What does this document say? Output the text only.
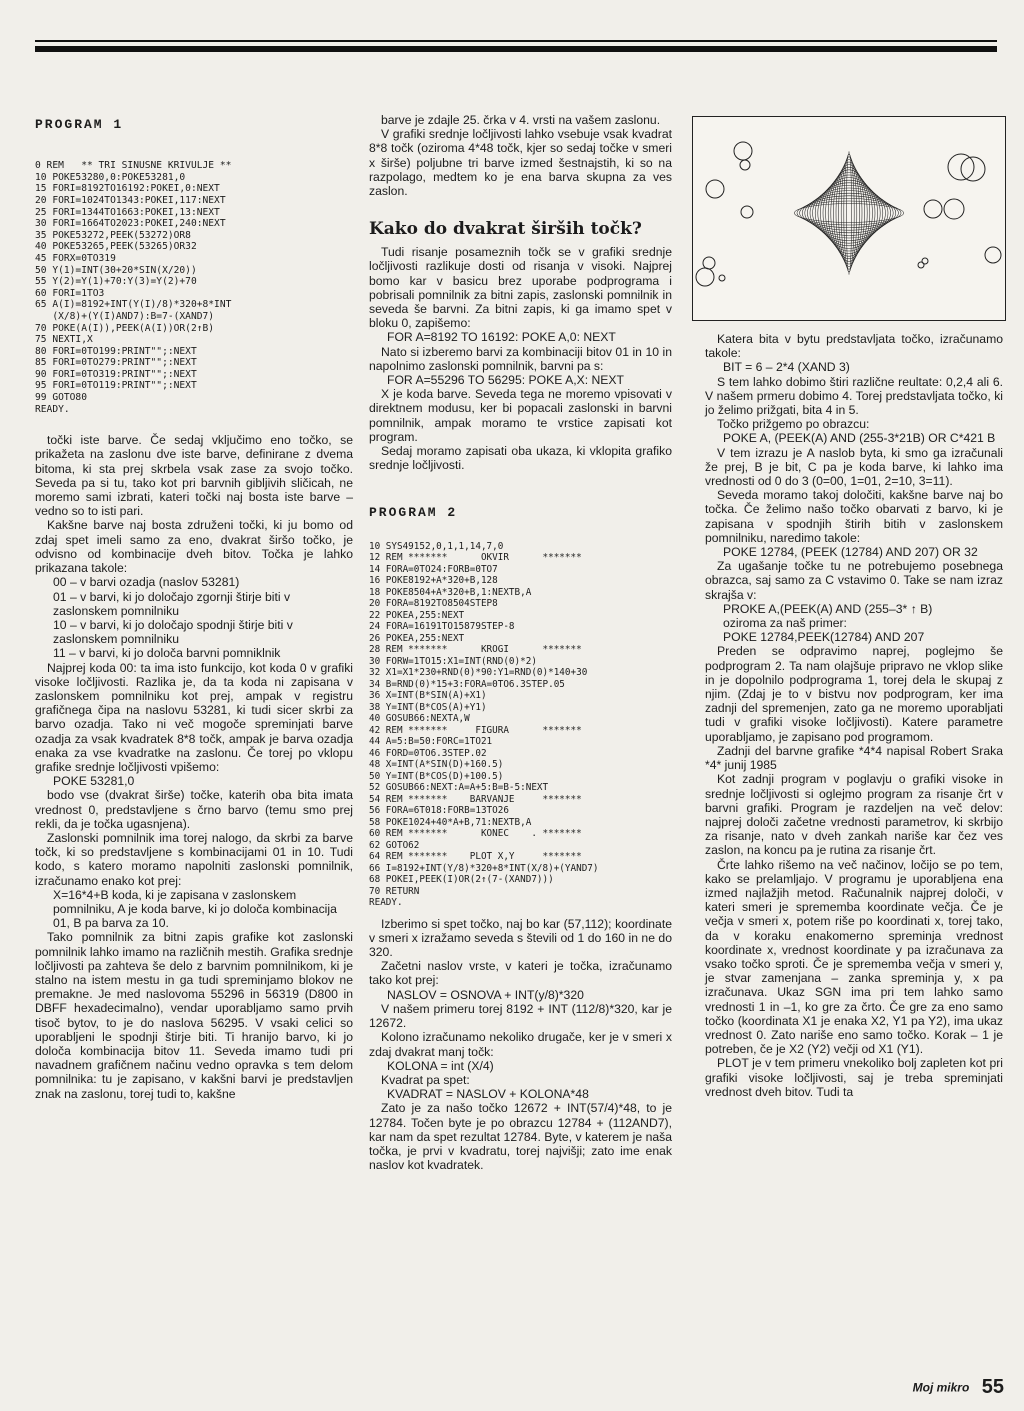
PROGRAM 1
0 REM   ** TRI SINUSNE KRIVULJE **
10 POKE53280,0:POKE53281,0
15 FORI=8192TO16192:POKEI,0:NEXT
20 FORI=1024TO1343:POKEI,117:NEXT
25 FORI=1344TO1663:POKEI,13:NEXT
30 FORI=1664TO2023:POKEI,240:NEXT
35 POKE53272,PEEK(53272)OR8
40 POKE53265,PEEK(53265)OR32
45 FORX=0TO319
50 Y(1)=INT(30+20*SIN(X/20))
55 Y(2)=Y(1)+70:Y(3)=Y(2)+70
60 FORI=1TO3
65 A(I)=8192+INT(Y(I)/8)*320+8*INT
(X/8)+(Y(I)AND7):B=7-(XAND7)
70 POKE(A(I)),PEEK(A(I))OR(2↑B)
75 NEXTI,X
80 FORI=0TO199:PRINT"";:NEXT
85 FORI=0TO279:PRINT"";:NEXT
90 FORI=0TO319:PRINT"";:NEXT
95 FORI=0TO119:PRINT"";:NEXT
99 GOTO80
READY.

točki iste barve. Če sedaj vključimo eno točko, se prikažeta na zaslonu dve iste barve, definirane z dvema bitoma, ki sta prej skrbela vsak zase za svojo točko. Seveda pa si tu, tako kot pri barvnih gibljivih sličicah, ne moremo sami izbrati, kateri točki naj bosta iste barve – vedno so to isti pari.

Kakšne barve naj bosta združeni točki, ki ju bomo od zdaj spet imeli samo za eno, dvakrat širšo točko, je odvisno od kombinacije dveh bitov. Točka je lahko prikazana takole:

00 – v barvi ozadja (naslov 53281)

01 – v barvi, ki jo določajo zgornji štirje biti v zaslonskem pomnilniku

10 – v barvi, ki jo določajo spodnji štirje biti v zaslonskem pomnilniku

11 – v barvi, ki jo določa barvni pomniklnik

Najprej koda 00: ta ima isto funkcijo, kot koda 0 v grafiki visoke ločljivosti. Razlika je, da ta koda ni zapisana v zaslonskem pomnilniku kot prej, ampak v registru grafičnega čipa na naslovu 53281, ki tudi sicer skrbi za barvo ozadja. Tako ni več mogoče spreminjati barve ozadja za vsak kvadratek 8*8 točk, ampak je barva ozadja enaka za vse kvadratke na zaslonu. Če torej po vklopu grafike srednje ločljivosti vpišemo:

POKE 53281,0

bodo vse (dvakrat širše) točke, katerih oba bita imata vrednost 0, predstavljene s črno barvo (temu smo prej rekli, da je točka ugasnjena).

Zaslonski pomnilnik ima torej nalogo, da skrbi za barve točk, ki so predstavljene s kombinacijami 01 in 10. Tudi kodo, s katero moramo napolniti zaslonski pomnilnik, izračunamo enako kot prej:

X=16*4+B koda, ki je zapisana v zaslonskem pomnilniku, A je koda barve, ki jo določa kombinacija 01, B pa barva za 10.

Tako pomnilnik za bitni zapis grafike kot zaslonski pomnilnik lahko imamo na različnih mestih. Grafika srednje ločljivosti pa zahteva še delo z barvnim pomnilnikom, ki je stalno na istem mestu in ga tudi spreminjamo blokov ne premakne. Je med naslovoma 55296 in 56319 (D800 in DBFF hexadecimalno), vendar uporabljamo samo prvih tisoč bytov, to je do naslova 56295. V vsaki celici so uporabljeni le spodnji štirje biti. Ti hranijo barvo, ki jo določa kombinacija bitov 11. Seveda imamo tudi pri navadnem grafičnem načinu vedno opravka s tem delom pomnilnika: tu je zapisano, v kakšni barvi je predstavljen znak na zaslonu, torej tudi to, kakšne

barve je zdajle 25. črka v 4. vrsti na vašem zaslonu.

V grafiki srednje ločljivosti lahko vsebuje vsak kvadrat 8*8 točk (oziroma 4*48 točk, kjer so sedaj točke v smeri x širše) poljubne tri barve izmed šestnajstih, ki so na razpolago, medtem ko je ena barva skupna za ves zaslon.

Kako do dvakrat širših točk?

Tudi risanje posameznih točk se v grafiki srednje ločljivosti razlikuje dosti od risanja v visoki. Najprej bomo kar v basicu brez uporabe podprograma i pobrisali pomnilnik za bitni zapis, zaslonski pomnilnik in seveda še barvni. Za bitni zapis, ki ga imamo spet v bloku 0, zapišemo:

FOR A=8192 TO 16192: POKE A,0: NEXT

Nato si izberemo barvi za kombinaciji bitov 01 in 10 in napolnimo zaslonski pomnilnik, barvni pa s:

FOR A=55296 TO 56295: POKE A,X: NEXT

X je koda barve. Seveda tega ne moremo vpisovati v direktnem modusu, ker bi popacali zaslonski in barvni pomnilnik, ampak moramo te vrstice zapisati kot program.

Sedaj moramo zapisati oba ukaza, ki vklopita grafiko srednje ločljivosti.

PROGRAM 2
10 SYS49152,0,1,1,14,7,0
12 REM *******      OKVIR      *******
14 FORA=0TO24:FORB=0TO7
16 POKE8192+A*320+B,128
18 POKE8504+A*320+B,1:NEXTB,A
20 FORA=8192TO8504STEP8
22 POKEA,255:NEXT
24 FORA=16191TO15879STEP-8
26 POKEA,255:NEXT
28 REM *******      KROGI      *******
30 FORW=1TO15:X1=INT(RND(0)*2)
32 X1=X1*230+RND(0)*90:Y1=RND(0)*140+30
34 B=RND(0)*15+3:FORA=0TO6.3STEP.05
36 X=INT(B*SIN(A)+X1)
38 Y=INT(B*COS(A)+Y1)
40 GOSUB66:NEXTA,W
42 REM *******     FIGURA      *******
44 A=5:B=50:FORC=1TO21
46 FORD=0TO6.3STEP.02
48 X=INT(A*SIN(D)+160.5)
50 Y=INT(B*COS(D)+100.5)
52 GOSUB66:NEXT:A=A+5:B=B-5:NEXT
54 REM *******    BARVANJE     *******
56 FORA=6T018:FORB=13TO26
58 POKE1024+40*A+B,71:NEXTB,A
60 REM *******      KONEC    . *******
62 GOTO62
64 REM *******    PLOT X,Y     *******
66 I=8192+INT(Y/8)*320+8*INT(X/8)+(YAND7)
68 POKEI,PEEK(I)OR(2↑(7-(XAND7)))
70 RETURN
READY.

Izberimo si spet točko, naj bo kar (57,112); koordinate v smeri x izražamo seveda s števili od 1 do 160 in ne do 320.

Začetni naslov vrste, v kateri je točka, izračunamo tako kot prej:

NASLOV = OSNOVA + INT(y/8)*320

V našem primeru torej 8192 + INT (112/8)*320, kar je 12672.

Kolono izračunamo nekoliko drugače, ker je v smeri x zdaj dvakrat manj točk:

KOLONA = int (X/4)

Kvadrat pa spet:

KVADRAT = NASLOV + KOLONA*48

Zato je za našo točko 12672 + INT(57/4)*48, to je 12784. Točen byte je po obrazcu 12784 + (112AND7), kar nam da spet rezultat 12784. Byte, v katerem je naša točka, je prvi v kvadratu, torej najvišji; zato ime enak naslov kot kvadratek.

Katera bita v bytu predstavljata točko, izračunamo takole:

BIT = 6 – 2*4 (XAND 3)

S tem lahko dobimo štiri različne reultate: 0,2,4 ali 6. V našem prmeru dobimo 4. Torej predstavljata točko, ki jo želimo prižgati, bita 4 in 5.

Točko prižgemo po obrazcu:

POKE A, (PEEK(A) AND (255-3*21B) OR C*421 B

V tem izrazu je A naslob byta, ki smo ga izračunali že prej, B je bit, C pa je koda barve, ki lahko ima vrednosti od 0 do 3 (0=00, 1=01, 2=10, 3=11).

Seveda moramo takoj določiti, kakšne barve naj bo točka. Če želimo našo točko obarvati z barvo, ki je zapisana v spodnjih štirih bitih v zaslonskem pomnilniku, naredimo takole:

POKE 12784, (PEEK (12784) AND 207) OR 32

Za ugašanje točke tu ne potrebujemo posebnega obrazca, saj samo za C vstavimo 0. Take se nam izraz skrajša v:

PROKE A,(PEEK(A) AND (255–3* ↑ B)

oziroma za naš primer:

POKE 12784,PEEK(12784) AND 207

Preden se odpravimo naprej, poglejmo še podprogram 2. Ta nam olajšuje pripravo ne vklop slike in je dopolnilo podprograma 1, torej dela le skupaj z njim. (Zdaj je to v bistvu nov podprogram, ker ima zadnji del spremenjen, zato ga ne moremo uporabljati tudi v grafiki visoke ločljivosti). Katere parametre uporabljamo, je zapisano pod programom.

Zadnji del barvne grafike *4*4 napisal Robert Sraka *4* junij 1985

Kot zadnji program v poglavju o grafiki visoke in srednje ločljivosti si oglejmo program za risanje črt v barvni grafiki. Program je razdeljen na več delov: najprej določi začetne vrednosti parametrov, ki skrbijo za risanje, nato v dveh zankah nariše kar čez ves zaslon, na koncu pa je rutina za risanje črt.

Črte lahko rišemo na več načinov, ločijo se po tem, kako se prelamljajo. V programu je uporabljena ena izmed najlažjih metod. Računalnik najprej določi, v kateri smeri je sprememba koordinate večja. Če je večja v smeri x, potem riše po koordinati x, torej tako, da v koraku enakomerno spreminja vrednost koordinate x, vrednost koordinate y pa izračunava za vsako točko sproti. Če je sprememba večja v smeri y, je stvar zamenjana – zanka spreminja y, x pa izračunava. Ukaz SGN ima pri tem lahko samo vrednosti 1 in –1, ko gre za črto. Če gre za eno samo točko (koordinata X1 je enaka X2, Y1 pa Y2), ima ukaz vrednost 0. Zato nariše eno samo točko. Korak – 1 je potreben, če je X2 (Y2) večji od X1 (Y1).

PLOT je v tem primeru vnekoliko bolj zapleten kot pri grafiki visoke ločljivosti, saj je treba spreminjati vrednost dveh bitov. Tudi ta

Moj mikro 55
